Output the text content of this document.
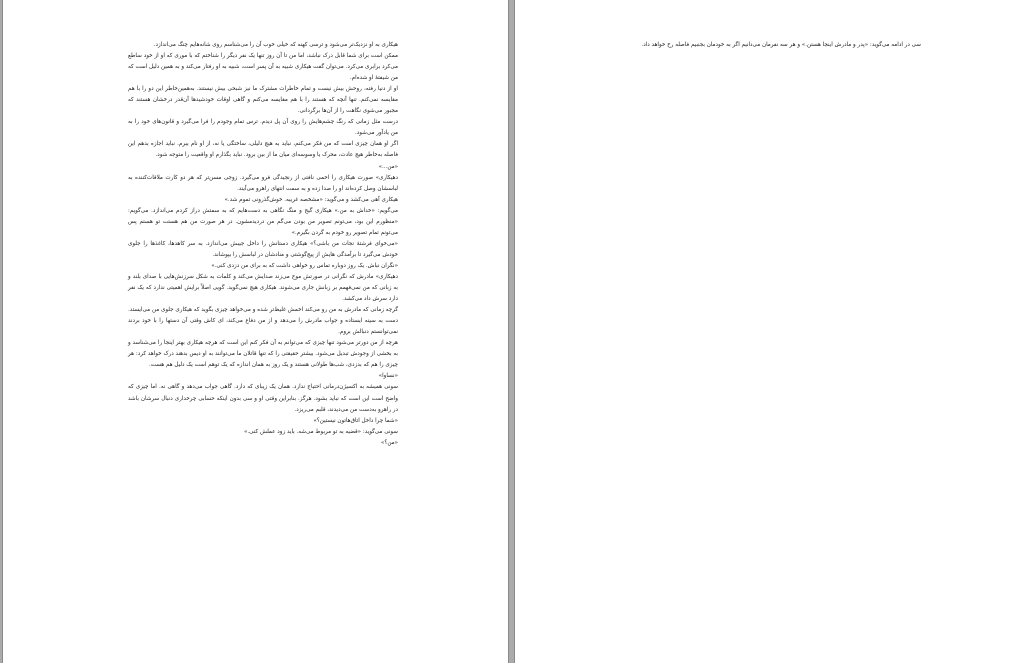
هیکاری به او نزدیک‌تر می‌شود و ترسی کهنه که خیلی خوب آن را می‌شناسم روی شانه‌هایم چنگ می‌اندازد.

ممکن است برای شما قابل درک نباشد، اما من تا آن روز تنها یک نفر دیگر را شناختم که با موری که او از خود ساطع می‌کرد برابری می‌کرد. می‌توان گفت هیکاری شبیه به آن پسر است، شبیه به او رفتار می‌کند و به همین دلیل است که من شیفتهٔ او شده‌ام.

او از دنیا رفته، روحش بیش نیست و تمام خاطرات مشترک ما نیز شبحی بیش نیستند. به‌همین‌خاطر این دو را با هم مقایسه نمی‌کنم. تنها آنچه که هستند را با هم مقایسه می‌کنم و گاهی اوقات خودشیدها آن‌قدر درخشان هستند که مجبور می‌شوی نگاهت را از آن‌ها برگردانی.

درست مثل زمانی که رنگ چشم‌هایش را روی آن پل دیدم. ترس تمام وجودم را فرا می‌گیرد و قانون‌های خود را به من یادآور می‌شود.

اگر او همان چیزی است که من فکر می‌کنم، نباید به هیچ دلیلی، ساختگی یا نه، از او نام ببرم. نباید اجازه بدهم این فاصله به‌خاطر هیچ عادت، محرک یا وسوسه‌ای میان ما از بین برود. نباید بگذارم او واقعیت را متوجه شود.

«من...»

دهیکاری» صورت هیکاری را اخمی نافتی از رنجیدگی فرو می‌گیرد. زوجی مسن‌تر که هر دو کارت ملاقات‌کننده به لباسشان وصل کرده‌اند او را صدا زده و به سمت انتهای راهرو می‌آیند.

هیکاری آهی می‌کشد و می‌گوید: «مشخصه غریبه. خوش‌گذرونی تموم شد.»

می‌گویم: «خداش به من.» هیکاری گیج و منگ نگاهی به دست‌هایم که به سمتش دراز کردم می‌اندازد. می‌گویم: «منظورم این بود، می‌تونم تصویر من بودن می‌گم من دردیدمشون. در هر صورت من هم هستت تو هستم پس می‌تونم تمام تصویر رو خودم به گردن بگیرم.»

«می‌خوای فرشتهٔ نجات من باشی؟» هیکاری دستانش را داخل جیبش می‌اندازد. به سر کاهدها، کاغذها را جلوی خودش می‌گیرد تا برآمدگی هایش از پیچ‌گوشتی و منادشان در لباسش را بپوشاند.

«نگران نباش. یک روز دوباره تماس رو خواهی داشت که به برای من دزدی کنی.»

دهیکاری» مادرش که نگرانی در صورتش موج می‌زند صدایش می‌کند و کلمات به شکل سرزنش‌هایی با صدای بلند و به زبانی که من نمی‌فهمم بر زبانش جاری می‌شوند. هیکاری هیچ نمی‌گوید. گویی اصلاً برایش اهمیتی ندارد که یک نفر دارد سرش داد می‌کشد.

گرچه زمانی که مادرش به من رو می‌کند اخمش غلیظ‌تر شده و می‌خواهد چیزی بگوید که هیکاری جلوی من می‌ایستد. دست به سینه ایستاده و جواب مادرش را می‌دهد و از من دفاع می‌کند، ای کاش وقتی آن دستها را با خود بردند نمی‌توانستم دنبالش بروم.

هرچه از من دورتر می‌شود تنها چیزی که می‌توانم به آن فکر کنم این است که هرچه هیکاری بهتر اینجا را می‌شناسد و به بخشی از وجودش تبدیل می‌شود. بیشتر حقیقتی را که تنها قاتلان ما می‌توانند به او دیس بدهند درک خواهد کرد: هر چیزی را هم که بدزدی، شب‌ها طولانی هستند و یک روز به همان اندازه که یک توهم است یک دلیل هم هست.

«نساوا»

سونی همیشه به اکسیژن‌درمانی احتیاج ندارد. همان یک زیبای که دارد. گاهی جواب می‌دهد و گاهی نه. اما چیزی که واضح است این است که نباید بشود. هرگز. بنابراین وقتی او و سی بدون اینکه حسابی چرخداری دنبال سرشان باشد در راهرو به‌دست من می‌دیدند، قلبم می‌ریزد.

«شما چرا داخل اتاق‌هاتون نیستین؟»

سونی می‌گوید: «قضیه به تو مربوط می‌شه. باید زود عملش کنی.»

«من؟»

سی در ادامه می‌گوید: «پدر و مادرش اینجا هستن.» و هر سه نفرمان می‌دانیم اگر به خودمان بجنبیم فاصله رخ خواهد داد.
